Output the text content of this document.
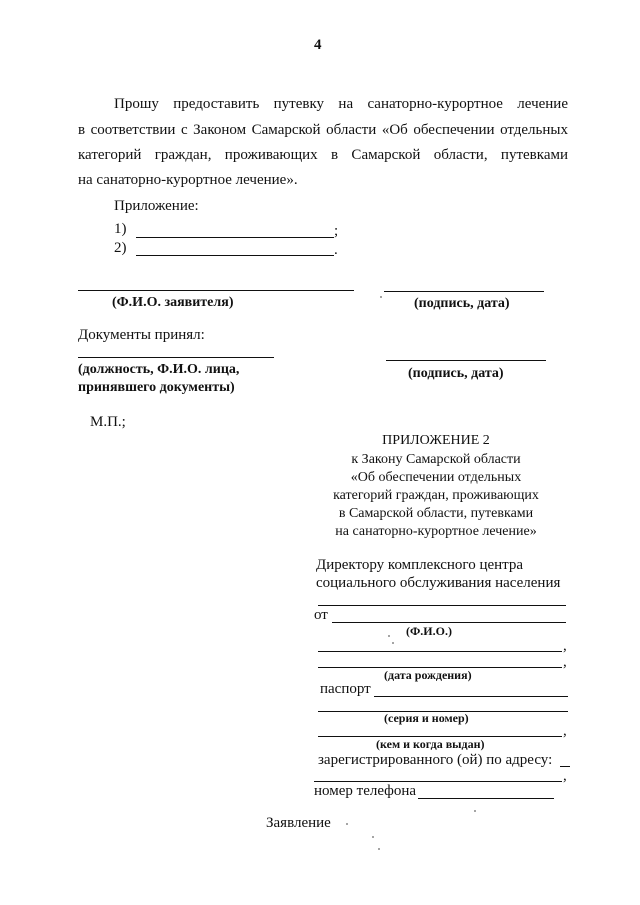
4
Прошу предоставить путевку на санаторно-курортное лечение
в соответствии с Законом Самарской области «Об обеспечении отдельных
категорий граждан, проживающих в Самарской области, путевками
на санаторно-курортное лечение».
Приложение:
1)	;
2)	.
(Ф.И.О. заявителя)	(подпись, дата)
Документы принял:
(должность, Ф.И.О. лица,
принявшего документы)
(подпись, дата)
М.П.;
ПРИЛОЖЕНИЕ 2
к Закону Самарской области
«Об обеспечении отдельных
категорий граждан, проживающих
в Самарской области, путевками
на санаторно-курортное лечение»
Директору комплексного центра
социального обслуживания населения
от
(Ф.И.О.)
,
,
(дата рождения)
паспорт
(серия и номер)
,
(кем и когда выдан)
зарегистрированного (ой) по адресу:
,
номер телефона
Заявление
